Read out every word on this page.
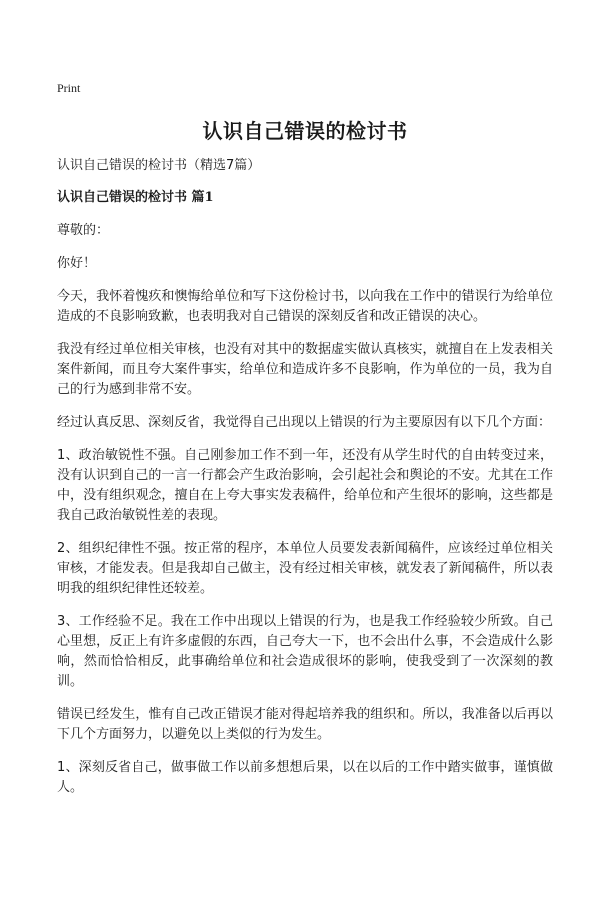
Print

认识自己错误的检讨书

认识自己错误的检讨书（精选7篇）

认识自己错误的检讨书 篇1

尊敬的：

你好！

今天，我怀着愧疚和懊悔给单位和写下这份检讨书，以向我在工作中的错误行为给单位造成的不良影响致歉，也表明我对自己错误的深刻反省和改正错误的决心。

我没有经过单位相关审核，也没有对其中的数据虚实做认真核实，就擅自在上发表相关案件新闻，而且夸大案件事实，给单位和造成许多不良影响，作为单位的一员，我为自己的行为感到非常不安。

经过认真反思、深刻反省，我觉得自己出现以上错误的行为主要原因有以下几个方面：

1、政治敏锐性不强。自己刚参加工作不到一年，还没有从学生时代的自由转变过来，没有认识到自己的一言一行都会产生政治影响，会引起社会和舆论的不安。尤其在工作中，没有组织观念，擅自在上夸大事实发表稿件，给单位和产生很坏的影响，这些都是我自己政治敏锐性差的表现。

2、组织纪律性不强。按正常的程序，本单位人员要发表新闻稿件，应该经过单位相关审核，才能发表。但是我却自己做主，没有经过相关审核，就发表了新闻稿件，所以表明我的组织纪律性还较差。

3、工作经验不足。我在工作中出现以上错误的行为，也是我工作经验较少所致。自己心里想，反正上有许多虚假的东西，自己夸大一下，也不会出什么事，不会造成什么影响，然而恰恰相反，此事确给单位和社会造成很坏的影响，使我受到了一次深刻的教训。

错误已经发生，惟有自己改正错误才能对得起培养我的组织和。所以，我准备以后再以下几个方面努力，以避免以上类似的行为发生。

1、深刻反省自己，做事做工作以前多想想后果，以在以后的工作中踏实做事，谨慎做人。
